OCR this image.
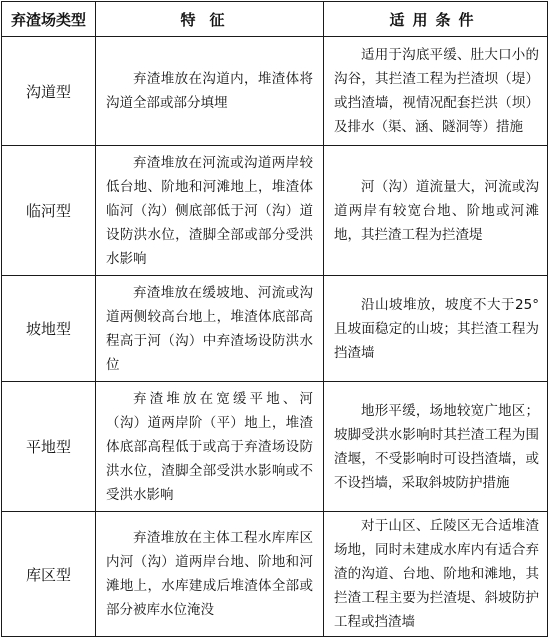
弃渣场类型	特征	适用条件
沟道型	弃渣堆放在沟道内，堆渣体将沟道全部或部分填埋	适用于沟底平缓、肚大口小的沟谷，其拦渣工程为拦渣坝（堤）或挡渣墙，视情况配套拦洪（坝）及排水（渠、涵、隧洞等）措施

临河型	弃渣堆放在河流或沟道两岸较低台地、阶地和河滩地上，堆渣体临河（沟）侧底部低于河（沟）道设防洪水位，渣脚全部或部分受洪水影响	河（沟）道流量大，河流或沟道两岸有较宽台地、阶地或河滩地，其拦渣工程为拦渣堤

坡地型	弃渣堆放在缓坡地、河流或沟道两侧较高台地上，堆渣体底部高程高于河（沟）中弃渣场设防洪水位	沿山坡堆放，坡度不大于25°且坡面稳定的山坡；其拦渣工程为挡渣墙

平地型	弃渣堆放在宽缓平地、河（沟）道两岸阶（平）地上，堆渣体底部高程低于或高于弃渣场设防洪水位，渣脚全部受洪水影响或不受洪水影响	地形平缓，场地较宽广地区；坡脚受洪水影响时其拦渣工程为围渣堰，不受影响时可设挡渣墙，或不设挡墙，采取斜坡防护措施

库区型	弃渣堆放在主体工程水库库区内河（沟）道两岸台地、阶地和河滩地上，水库建成后堆渣体全部或部分被库水位淹没	对于山区、丘陵区无合适堆渣场地，同时未建成水库内有适合弃渣的沟道、台地、阶地和滩地，其拦渣工程主要为拦渣堤、斜坡防护工程或挡渣墙
